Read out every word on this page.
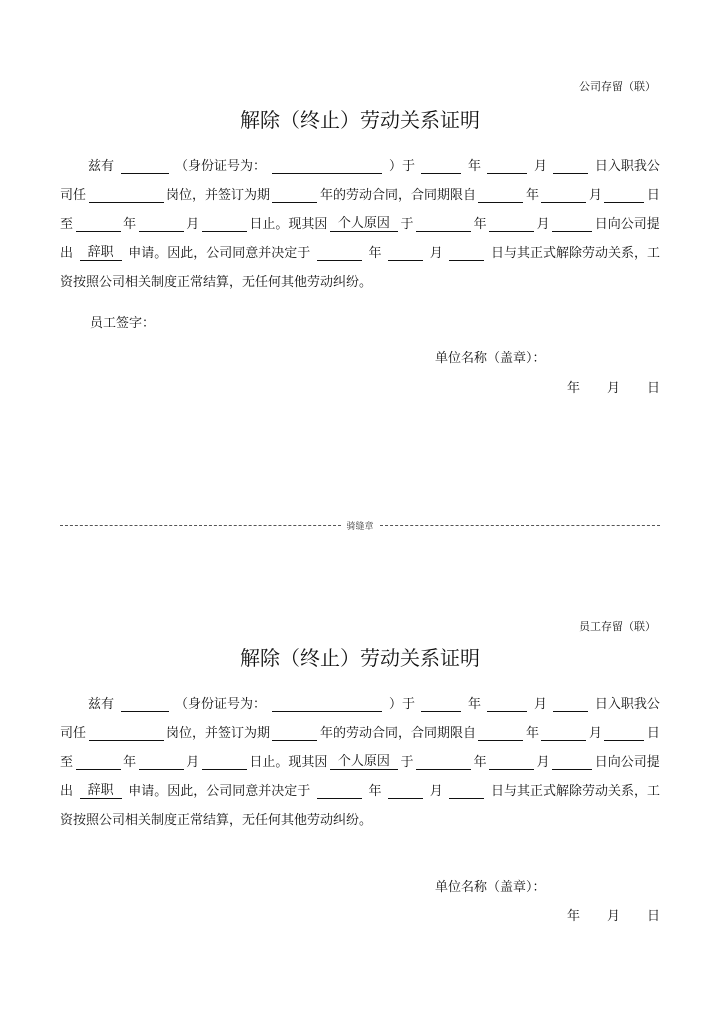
公司存留（联）
解除（终止）劳动关系证明
兹有	（身份证号为：	）于	年	月	日入职我公
司任	岗位，并签订为期	年的劳动合同，合同期限自	年	月	日
至	年	月	日止。现其因 个人原因 于	年	月	日向公司提
出	辞职	申请。因此，公司同意并决定于	年	月	日与其正式解除劳动关系，工
资按照公司相关制度正常结算，无任何其他劳动纠纷。
员工签字：
单位名称（盖章）：
年 月 日
骑缝章
员工存留（联）
解除（终止）劳动关系证明
兹有	（身份证号为：	）于	年	月	日入职我公
司任	岗位，并签订为期	年的劳动合同，合同期限自	年	月	日
至	年	月	日止。现其因 个人原因 于	年	月	日向公司提
出	辞职	申请。因此，公司同意并决定于	年	月	日与其正式解除劳动关系，工
资按照公司相关制度正常结算，无任何其他劳动纠纷。
单位名称（盖章）：
年 月 日
